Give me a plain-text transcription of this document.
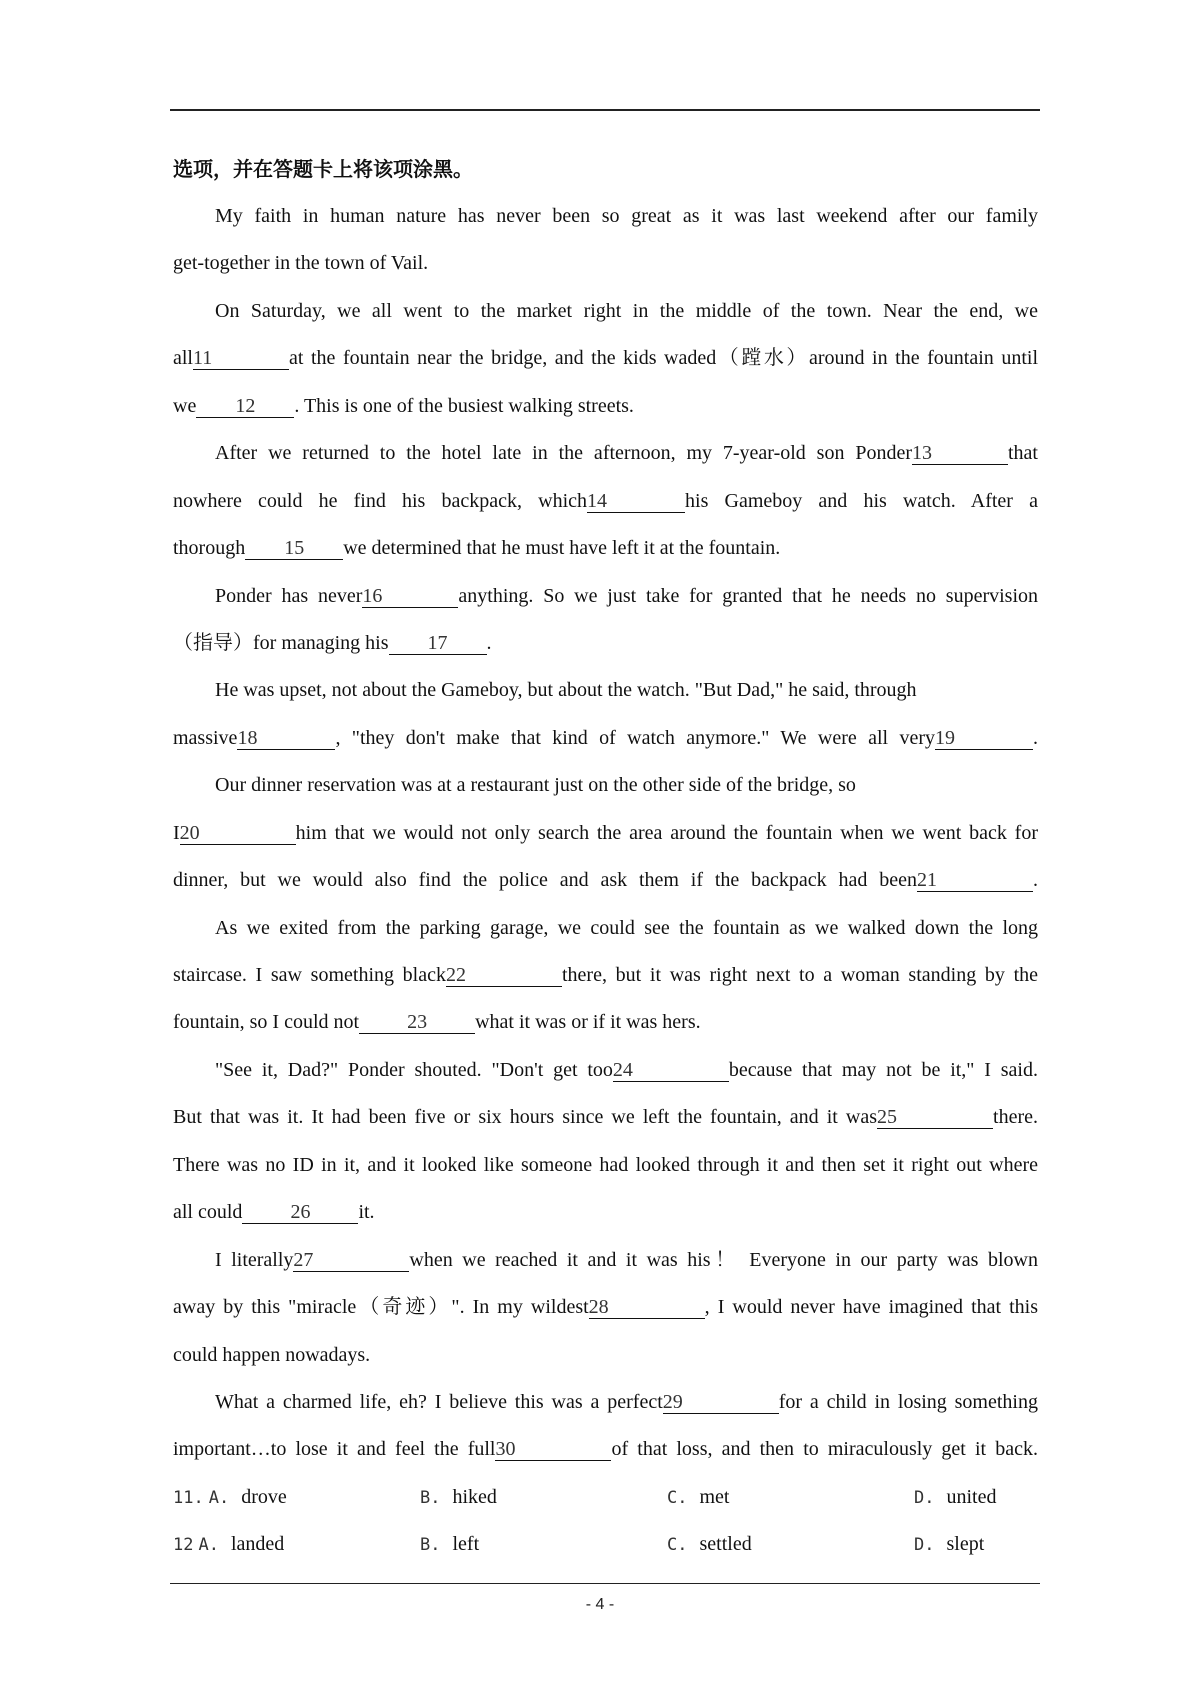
选项，并在答题卡上将该项涂黑。
My faith in human nature has never been so great as it was last weekend after our family
get-together in the town of Vail.
On Saturday, we all went to the market right in the middle of the town. Near the end, we
all11	at the fountain near the bridge, and the kids waded（蹚水）around in the fountain until
we 12 . This is one of the busiest walking streets.
After we returned to the hotel late in the afternoon, my 7-year-old son Ponder13	that
nowhere could he find his backpack, which14	his Gameboy and his watch. After a
thorough 15 we determined that he must have left it at the fountain.
Ponder has never16	anything. So we just take for granted that he needs no supervision
（指导）for managing his 17 .
He was upset, not about the Gameboy, but about the watch. "But Dad," he said, through
massive18	, "they don't make that kind of watch anymore." We were all very19	.
Our dinner reservation was at a restaurant just on the other side of the bridge, so
I20	him that we would not only search the area around the fountain when we went back for
dinner, but we would also find the police and ask them if the backpack had been21	.
As we exited from the parking garage, we could see the fountain as we walked down the long
staircase. I saw something black22	there, but it was right next to a woman standing by the
fountain, so I could not 23 what it was or if it was hers.
"See it, Dad?" Ponder shouted. "Don't get too24	because that may not be it," I said.
But that was it. It had been five or six hours since we left the fountain, and it was25	there.
There was no ID in it, and it looked like someone had looked through it and then set it right out where
all could 26 it.
I literally27	when we reached it and it was his！ Everyone in our party was blown
away by this "miracle（奇迹）". In my wildest28	, I would never have imagined that this
could happen nowadays.
What a charmed life, eh? I believe this was a perfect29	for a child in losing something
important…to lose it and feel the full30	of that loss, and then to miraculously get it back.
11. A. drove	B. hiked	C. met	D. united
12 A. landed	B. left	C. settled	D. slept
- 4 -
